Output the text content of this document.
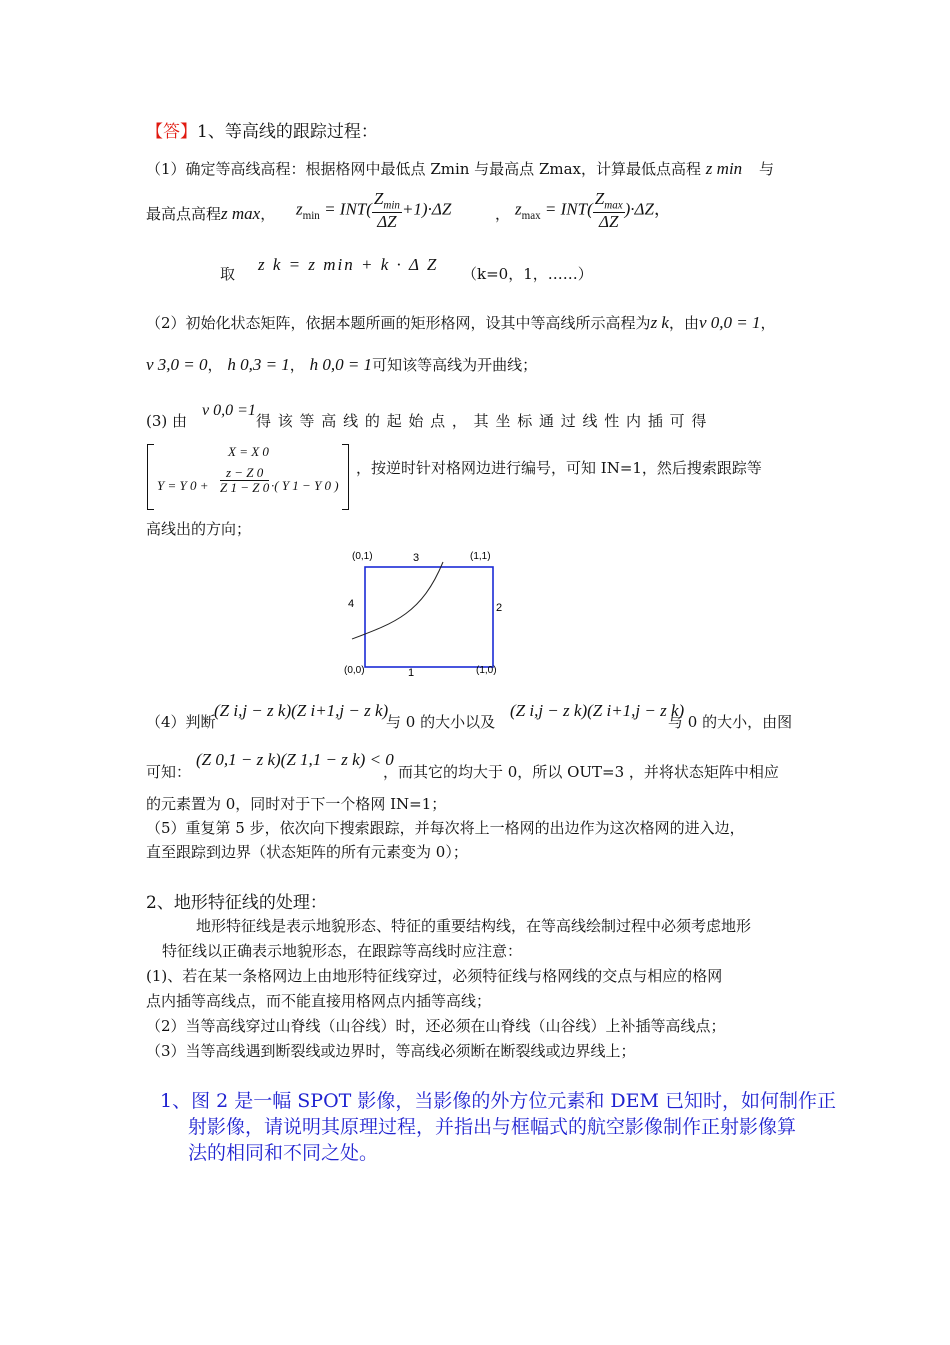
【答】1、等高线的跟踪过程：
（1）确定等高线高程：根据格网中最低点 Zmin 与最高点 Zmax，计算最低点高程 z min 与
最高点高程z max， $z_{min} = INT( \frac{Z_{min}}{\Delta Z} +1)\cdot\Delta Z$	， $z_{max} = INT( \frac{Z_{max}}{\Delta Z} )\cdot\Delta Z$，
取 z k = z min + k · Δ Z （k=0，1，……）
（2）初始化状态矩阵，依据本题所画的矩形格网，设其中等高线所示高程为z k，由v 0,0 = 1，
v 3,0 = 0， h 0,3 = 1， h 0,0 = 1可知该等高线为开曲线；
(3) 由
v 0,0 =1
得 该 等 高 线 的 起 始 点 ， 其 坐 标 通 过 线 性 内 插 可 得
X = X 0
Y = Y $0 + \frac{z - Z 0}{Z 1 - Z 0}$ ·( Y 1 − Y 0 )
，按逆时针对格网边进行编号，可知 IN=1，然后搜索跟踪等
高线出的方向；
(0,1)	(1,1)
(0,0)	(1,0)
3
2
1
4
（4）判断
(Z i,j − z k)(Z i+1,j − z k)
与 0 的大小以及
(Z i,j − z k)(Z i+1,j − z k)
与 0 的大小，由图
可知：
(Z 0,1 − z k)(Z 1,1 − z k) < 0
，而其它的均大于 0，所以 OUT=3 ，并将状态矩阵中相应
的元素置为 0，同时对于下一个格网 IN=1；
（5）重复第 5 步，依次向下搜索跟踪，并每次将上一格网的出边作为这次格网的进入边，
直至跟踪到边界（状态矩阵的所有元素变为 0）；
2、地形特征线的处理：
地形特征线是表示地貌形态、特征的重要结构线，在等高线绘制过程中必须考虑地形
特征线以正确表示地貌形态，在跟踪等高线时应注意：
(1)、若在某一条格网边上由地形特征线穿过，必须特征线与格网线的交点与相应的格网
点内插等高线点，而不能直接用格网点内插等高线；
（2）当等高线穿过山脊线（山谷线）时，还必须在山脊线（山谷线）上补插等高线点；
（3）当等高线遇到断裂线或边界时，等高线必须断在断裂线或边界线上；
1、图 2 是一幅 SPOT 影像，当影像的外方位元素和 DEM 已知时，如何制作正
射影像，请说明其原理过程，并指出与框幅式的航空影像制作正射影像算
法的相同和不同之处。
